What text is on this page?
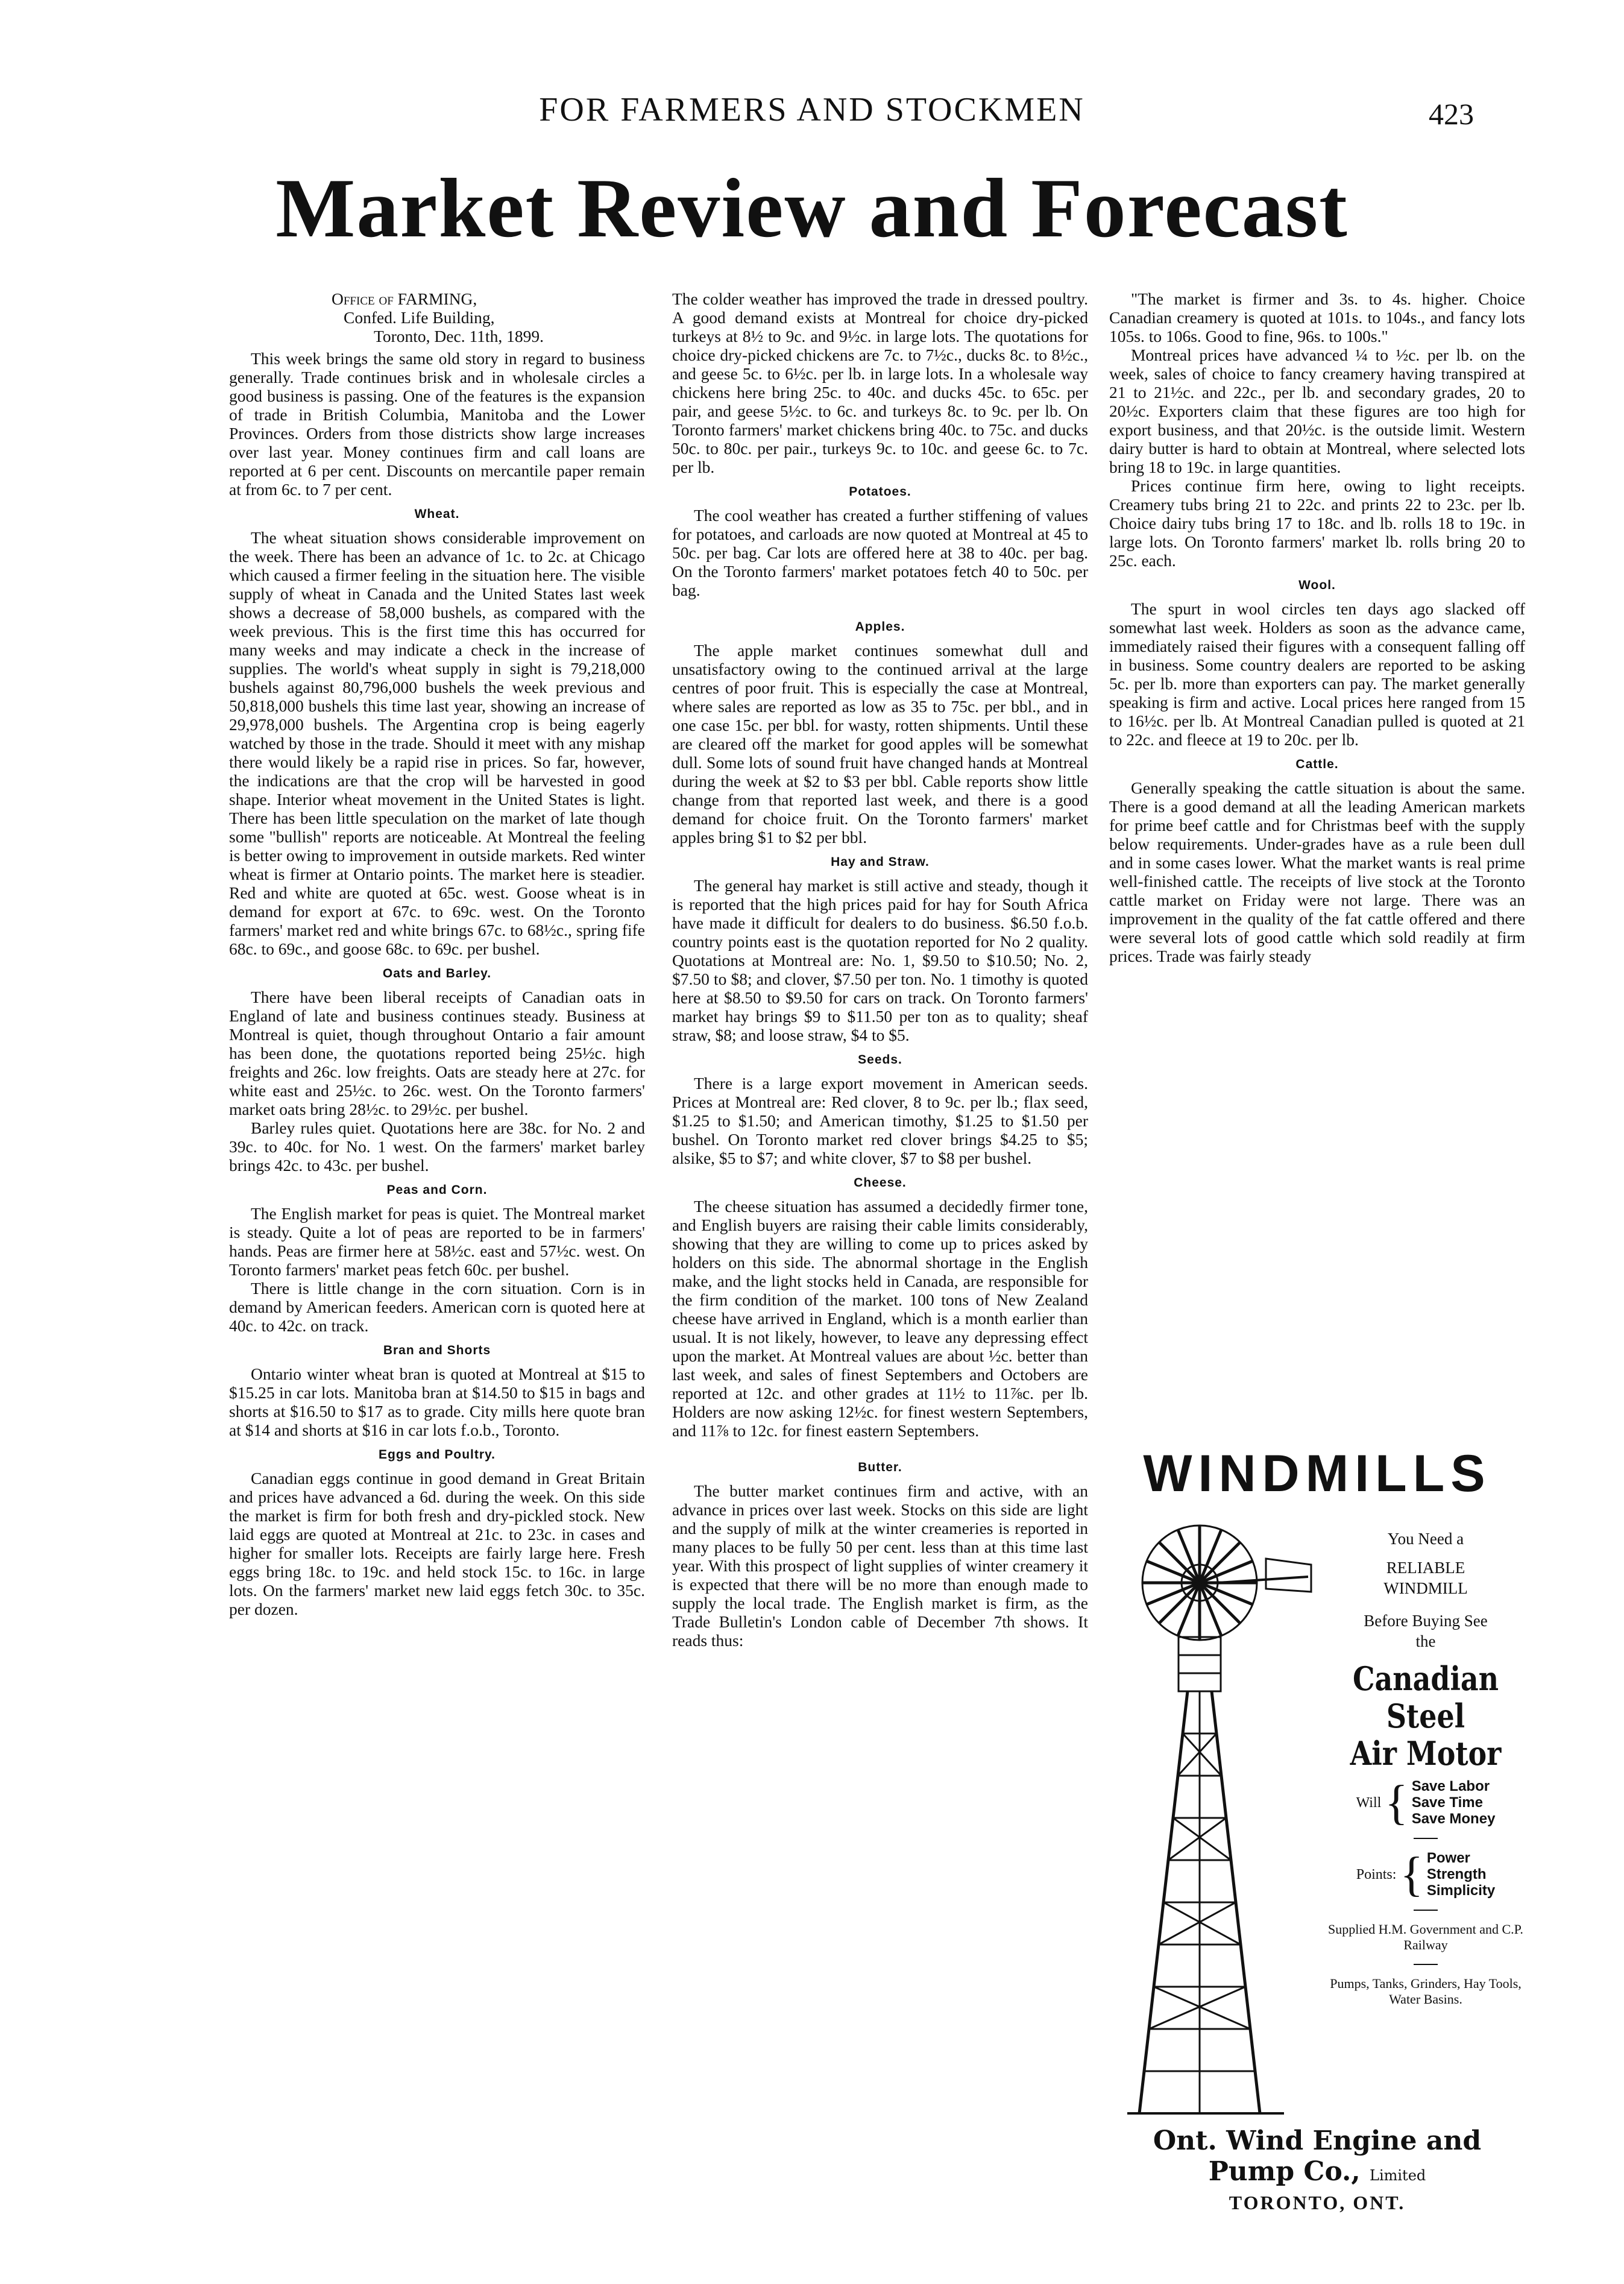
FOR FARMERS AND STOCKMEN	423
Market Review and Forecast
Office of FARMING,
Confed. Life Building,
Toronto, Dec. 11th, 1899.

This week brings the same old story in regard to business generally. Trade continues brisk and in wholesale circles a good business is passing. One of the features is the expansion of trade in British Columbia, Manitoba and the Lower Provinces. Orders from those districts show large increases over last year. Money continues firm and call loans are reported at 6 per cent. Discounts on mercantile paper remain at from 6c. to 7 per cent.

Wheat.

The wheat situation shows considerable improvement on the week. There has been an advance of 1c. to 2c. at Chicago which caused a firmer feeling in the situation here. The visible supply of wheat in Canada and the United States last week shows a decrease of 58,000 bushels, as compared with the week previous. This is the first time this has occurred for many weeks and may indicate a check in the increase of supplies. The world's wheat supply in sight is 79,218,000 bushels against 80,796,000 bushels the week previous and 50,818,000 bushels this time last year, showing an increase of 29,978,000 bushels. The Argentina crop is being eagerly watched by those in the trade. Should it meet with any mishap there would likely be a rapid rise in prices. So far, however, the indications are that the crop will be harvested in good shape. Interior wheat movement in the United States is light. There has been little speculation on the market of late though some "bullish" reports are noticeable. At Montreal the feeling is better owing to improvement in outside markets. Red winter wheat is firmer at Ontario points. The market here is steadier. Red and white are quoted at 65c. west. Goose wheat is in demand for export at 67c. to 69c. west. On the Toronto farmers' market red and white brings 67c. to 68½c., spring fife 68c. to 69c., and goose 68c. to 69c. per bushel.

Oats and Barley.

There have been liberal receipts of Canadian oats in England of late and business continues steady. Business at Montreal is quiet, though throughout Ontario a fair amount has been done, the quotations reported being 25½c. high freights and 26c. low freights. Oats are steady here at 27c. for white east and 25½c. to 26c. west. On the Toronto farmers' market oats bring 28½c. to 29½c. per bushel.

Barley rules quiet. Quotations here are 38c. for No. 2 and 39c. to 40c. for No. 1 west. On the farmers' market barley brings 42c. to 43c. per bushel.

Peas and Corn.

The English market for peas is quiet. The Montreal market is steady. Quite a lot of peas are reported to be in farmers' hands. Peas are firmer here at 58½c. east and 57½c. west. On Toronto farmers' market peas fetch 60c. per bushel.

There is little change in the corn situation. Corn is in demand by American feeders. American corn is quoted here at 40c. to 42c. on track.

Bran and Shorts

Ontario winter wheat bran is quoted at Montreal at $15 to $15.25 in car lots. Manitoba bran at $14.50 to $15 in bags and shorts at $16.50 to $17 as to grade. City mills here quote bran at $14 and shorts at $16 in car lots f.o.b., Toronto.

Eggs and Poultry.

Canadian eggs continue in good demand in Great Britain and prices have advanced a 6d. during the week. On this side the market is firm for both fresh and dry-pickled stock. New laid eggs are quoted at Montreal at 21c. to 23c. in cases and higher for smaller lots. Receipts are fairly large here. Fresh eggs bring 18c. to 19c. and held stock 15c. to 16c. in large lots. On the farmers' market new laid eggs fetch 30c. to 35c. per dozen.

The colder weather has improved the trade in dressed poultry. A good demand exists at Montreal for choice dry-picked turkeys at 8½ to 9c. and 9½c. in large lots. The quotations for choice dry-picked chickens are 7c. to 7½c., ducks 8c. to 8½c., and geese 5c. to 6½c. per lb. in large lots. In a wholesale way chickens here bring 25c. to 40c. and ducks 45c. to 65c. per pair, and geese 5½c. to 6c. and turkeys 8c. to 9c. per lb. On Toronto farmers' market chickens bring 40c. to 75c. and ducks 50c. to 80c. per pair., turkeys 9c. to 10c. and geese 6c. to 7c. per lb.

Potatoes.

The cool weather has created a further stiffening of values for potatoes, and carloads are now quoted at Montreal at 45 to 50c. per bag. Car lots are offered here at 38 to 40c. per bag. On the Toronto farmers' market potatoes fetch 40 to 50c. per bag.

Apples.

The apple market continues somewhat dull and unsatisfactory owing to the continued arrival at the large centres of poor fruit. This is especially the case at Montreal, where sales are reported as low as 35 to 75c. per bbl., and in one case 15c. per bbl. for wasty, rotten shipments. Until these are cleared off the market for good apples will be somewhat dull. Some lots of sound fruit have changed hands at Montreal during the week at $2 to $3 per bbl. Cable reports show little change from that reported last week, and there is a good demand for choice fruit. On the Toronto farmers' market apples bring $1 to $2 per bbl.

Hay and Straw.

The general hay market is still active and steady, though it is reported that the high prices paid for hay for South Africa have made it difficult for dealers to do business. $6.50 f.o.b. country points east is the quotation reported for No 2 quality. Quotations at Montreal are: No. 1, $9.50 to $10.50; No. 2, $7.50 to $8; and clover, $7.50 per ton. No. 1 timothy is quoted here at $8.50 to $9.50 for cars on track. On Toronto farmers' market hay brings $9 to $11.50 per ton as to quality; sheaf straw, $8; and loose straw, $4 to $5.

Seeds.

There is a large export movement in American seeds. Prices at Montreal are: Red clover, 8 to 9c. per lb.; flax seed, $1.25 to $1.50; and American timothy, $1.25 to $1.50 per bushel. On Toronto market red clover brings $4.25 to $5; alsike, $5 to $7; and white clover, $7 to $8 per bushel.

Cheese.

The cheese situation has assumed a decidedly firmer tone, and English buyers are raising their cable limits considerably, showing that they are willing to come up to prices asked by holders on this side. The abnormal shortage in the English make, and the light stocks held in Canada, are responsible for the firm condition of the market. 100 tons of New Zealand cheese have arrived in England, which is a month earlier than usual. It is not likely, however, to leave any depressing effect upon the market. At Montreal values are about ½c. better than last week, and sales of finest Septembers and Octobers are reported at 12c. and other grades at 11½ to 11⅞c. per lb. Holders are now asking 12½c. for finest western Septembers, and 11⅞ to 12c. for finest eastern Septembers.

Butter.

The butter market continues firm and active, with an advance in prices over last week. Stocks on this side are light and the supply of milk at the winter creameries is reported in many places to be fully 50 per cent. less than at this time last year. With this prospect of light supplies of winter creamery it is expected that there will be no more than enough made to supply the local trade. The English market is firm, as the Trade Bulletin's London cable of December 7th shows. It reads thus:

"The market is firmer and 3s. to 4s. higher. Choice Canadian creamery is quoted at 101s. to 104s., and fancy lots 105s. to 106s. Good to fine, 96s. to 100s."

Montreal prices have advanced ¼ to ½c. per lb. on the week, sales of choice to fancy creamery having transpired at 21 to 21½c. and 22c., per lb. and secondary grades, 20 to 20½c. Exporters claim that these figures are too high for export business, and that 20½c. is the outside limit. Western dairy butter is hard to obtain at Montreal, where selected lots bring 18 to 19c. in large quantities.

Prices continue firm here, owing to light receipts. Creamery tubs bring 21 to 22c. and prints 22 to 23c. per lb. Choice dairy tubs bring 17 to 18c. and lb. rolls 18 to 19c. in large lots. On Toronto farmers' market lb. rolls bring 20 to 25c. each.

Wool.

The spurt in wool circles ten days ago slacked off somewhat last week. Holders as soon as the advance came, immediately raised their figures with a consequent falling off in business. Some country dealers are reported to be asking 5c. per lb. more than exporters can pay. The market generally speaking is firm and active. Local prices here ranged from 15 to 16½c. per lb. At Montreal Canadian pulled is quoted at 21 to 22c. and fleece at 19 to 20c. per lb.

Cattle.

Generally speaking the cattle situation is about the same. There is a good demand at all the leading American markets for prime beef cattle and for Christmas beef with the supply below requirements. Under-grades have as a rule been dull and in some cases lower. What the market wants is real prime well-finished cattle. The receipts of live stock at the Toronto cattle market on Friday were not large. There was an improvement in the quality of the fat cattle offered and there were several lots of good cattle which sold readily at firm prices. Trade was fairly steady

WINDMILLS
You Need a
RELIABLE
WINDMILL
Before Buying See
the
Canadian Steel
Air Motor
Will { Save Labor
Save Time
Save Money
Points: { Power
Strength
Simplicity
Supplied H.M. Government and C.P. Railway
Pumps, Tanks, Grinders, Hay Tools, Water Basins.
Ont. Wind Engine and Pump Co., Limited
TORONTO, ONT.
